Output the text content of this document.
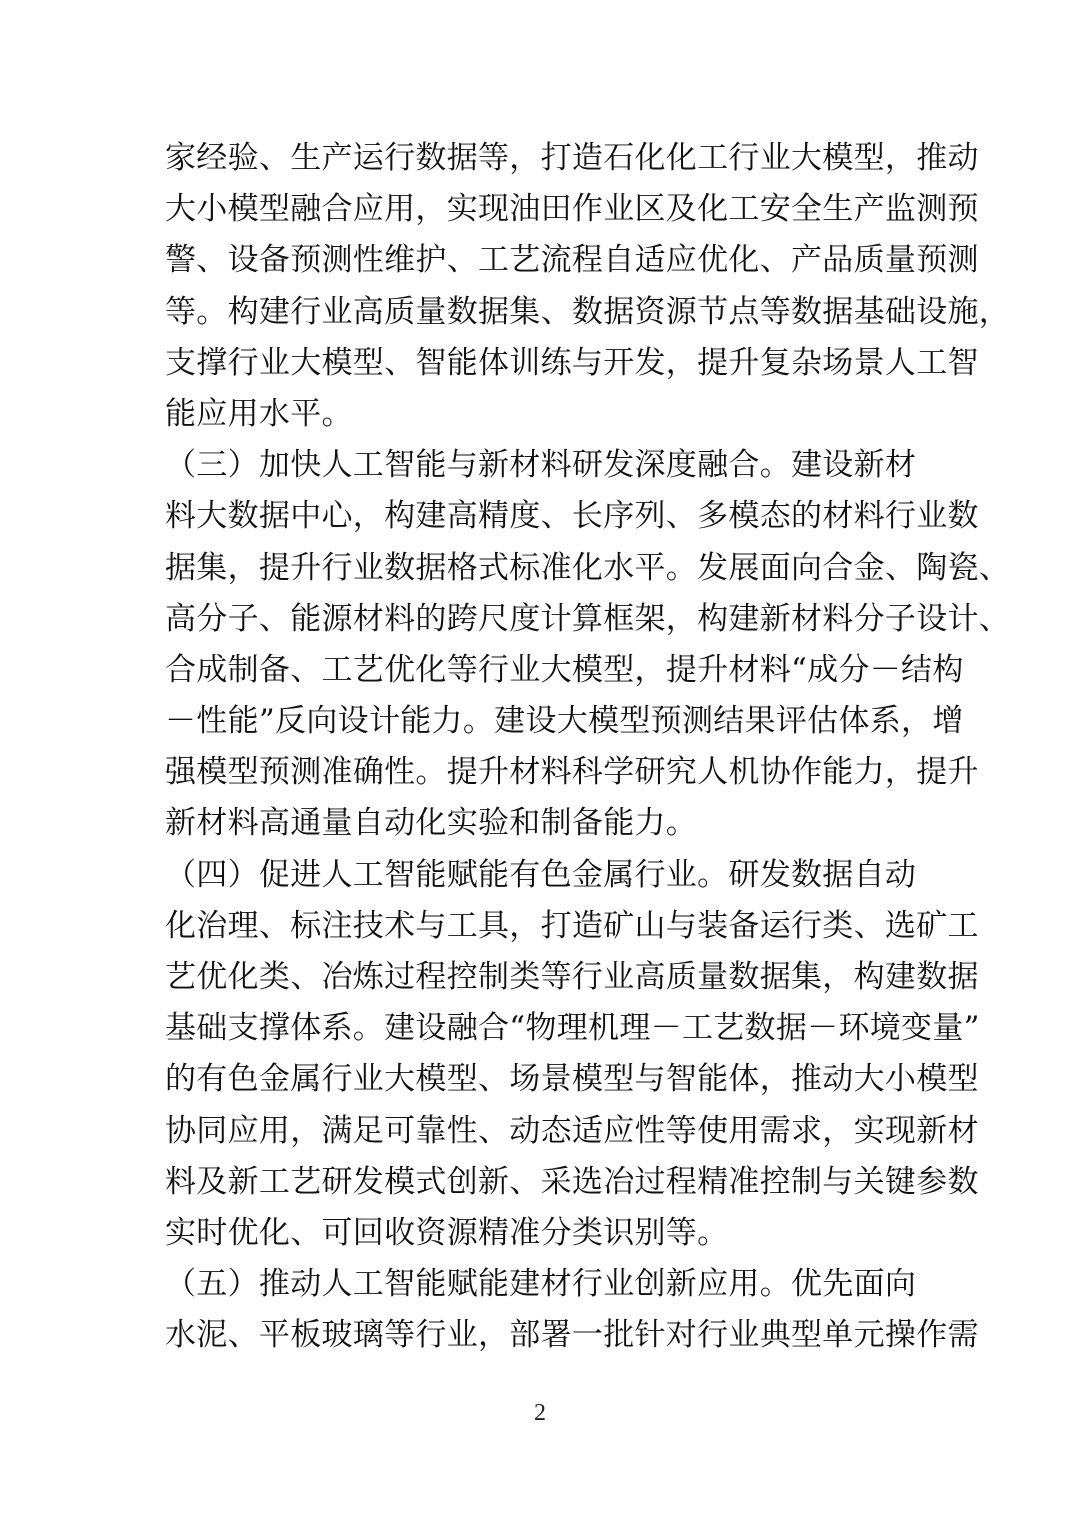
家经验、生产运行数据等，打造石化化工行业大模型，推动
大小模型融合应用，实现油田作业区及化工安全生产监测预
警、设备预测性维护、工艺流程自适应优化、产品质量预测
等。构建行业高质量数据集、数据资源节点等数据基础设施，
支撑行业大模型、智能体训练与开发，提升复杂场景人工智
能应用水平。
（三）加快人工智能与新材料研发深度融合。建设新材
料大数据中心，构建高精度、长序列、多模态的材料行业数
据集，提升行业数据格式标准化水平。发展面向合金、陶瓷、
高分子、能源材料的跨尺度计算框架，构建新材料分子设计、
合成制备、工艺优化等行业大模型，提升材料“成分－结构
－性能”反向设计能力。建设大模型预测结果评估体系，增
强模型预测准确性。提升材料科学研究人机协作能力，提升
新材料高通量自动化实验和制备能力。
（四）促进人工智能赋能有色金属行业。研发数据自动
化治理、标注技术与工具，打造矿山与装备运行类、选矿工
艺优化类、冶炼过程控制类等行业高质量数据集，构建数据
基础支撑体系。建设融合“物理机理－工艺数据－环境变量”
的有色金属行业大模型、场景模型与智能体，推动大小模型
协同应用，满足可靠性、动态适应性等使用需求，实现新材
料及新工艺研发模式创新、采选冶过程精准控制与关键参数
实时优化、可回收资源精准分类识别等。
（五）推动人工智能赋能建材行业创新应用。优先面向
水泥、平板玻璃等行业，部署一批针对行业典型单元操作需
2
